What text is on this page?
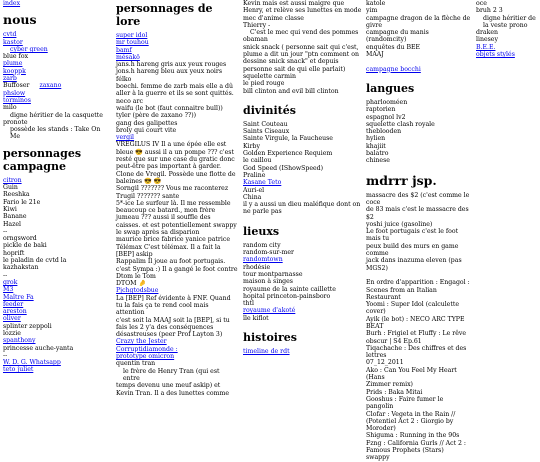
index
nous
cvtd
kastor
cyber green
blue fox
plume
kooppk
zarb
Buffoser zaxano

phslow
torminos
milo
digne héritier de la casquette
pronote
possède les stands : Take On Me
personnages campagne
citron
Guin
Reeshka
Fario le 21e
Kiwi
Banane
Hazel
--
orngsword
pickle de baki
hoprift
le paladin de cvtd la
kazhakstan
--
grok
M3
Maître Fa
feeder
areston
oliver
splinter zeppoli
lozzie
spanthony
princesse auche-yanta
--
W. D. G. Whatsapp
teto juliet
personnages de lore
super idol
mr touhou
bamf
mésakö
jans.h hareng gris aux yeux rouges
jons.h hareng bleu aux yeux noirs
félko
boechi. femme de zarb mais elle a dû
aller à la guerre et ils se sont quittés.
neco arc
waifu (le bot (faut connaitre bull))
tyler (père de zaxano ??))
gang des galipettes
broly qui court vite
vergil
VREGILUS IV Il a une épée elle est
bleue 😎 aussi il a un pompe ??? c'est
resté que sur une case du gratic donc
peut-être pas important à garder.
Clone de Vregil. Possède une flotte de
baleines 😎 😎
Sorngil ??????? Vous me raconterez
Trugil ??????? sante
5*-ice Le surfeur là. Il me ressemble
beaucoup ce batard., mon frère
jumeau ??? aussi il souffle des
caisses. et est potentiellement swappy
le swap après sa disparion
maurice brice fabrice yanice patrice
Télémax C'est télémax. Il a fait la
[BEP] askip
Rappalim Il joue au foot portugais.
c'est Sympa :) Il a gangé le foot contre
Dtom le Tom
DTOM 🤌
Pjchgtodsbue
La [BEP] Ref évidente à FNF. Quand
tu la fais ça te rend cool mais attention
c'est soit la MAAJ soit la [BEP], si tu
fais les 2 y'a des conséquences
désastreuses (peer Prof Layton 3)
Crazy the Jester
Corruptidiamonde :
prototype omicron
quentin tran
le frère de Henry Tran (qui est entre
temps devenu une meuf askip) et
Kevin Tran. Il a des lunettes comme
Kevin mais est aussi maigre que
Henry, et relève ses lunettes en mode
mec d'anime classe
Thierry -
C'est le mec qui vend des pommes
obaman
snick snack ( personne sait qui c'est,
plume a dit un jour "ptn comment on
dessine snick snack" et depuis
personne sait de qui elle parlait)
squelette carmin
le pied rouge
bill clinton and evil bill clinton
divinités
Saint Couteau
Saints Ciseaux
Sainte Virgule, la Faucheuse
Kirby
Golden Experience Requiem
le caillou
God Speed (IShowSpeed)
Praline
Kasane Teto
Auri-el
China
il y a aussi un dieu maléfique dont on
ne parle pas
lieuxs
random city
random-sur-mer
randomtown
rhodésie
tour montparnasse
maison à singes
royaume de la sainte caillette
hopital princeton-painsboro
thtl
royaume d'akoté
île kiflot
histoires
timeline de rdt
katole
yim
campagne dragon de la flèche de givre
campagne du manis (randomcity)
enquêtes du BEE
MAAJ

campagne bocchi
langues
pharlooméen
raptorien
espagnol lv2
squelette clash royale
theblooden
hylien
khajiit
balatro
chinese
mdrrr jsp.
massacre des $2 (c'est comme le coce
de 83 mais c'est le massacre des $2
yoshi juice (gasoline)
Le foot portugais c'est le foot mais tu
peux build des murs en game comme
jack dans inazuma eleven (pas MGS2)

En ordre d'apparition : Engagol :
Scenes from an Italian Restaurant
Yoomi : Super Idol (calculette cover)
Ayik (le bot) : NECO ARC TYPE
BEAT
Burh : Frigiel et Fluffy : Le rêve
obscur | S4 Ep.61
Tiqachache : Des chiffres et des lettres
07_12_2011
Ako : Can You Feel My Heart (Hans
Zimmer remix)
Prids : Baka Mitai
Gooshus : Faire fumer le pangolin
Clofar : Vegeta in the Rain //
(Potentiel Act 2 : Giorgio by Moroder)
Shiguma : Running in the 90s
Fzng : California Gurls // Act 2 :
Famous Prophets (Stars)
swappy
oce
bruh 2 3
digne héritier de la veste prono
draken
linesey
B.E.E.
objets stylés
